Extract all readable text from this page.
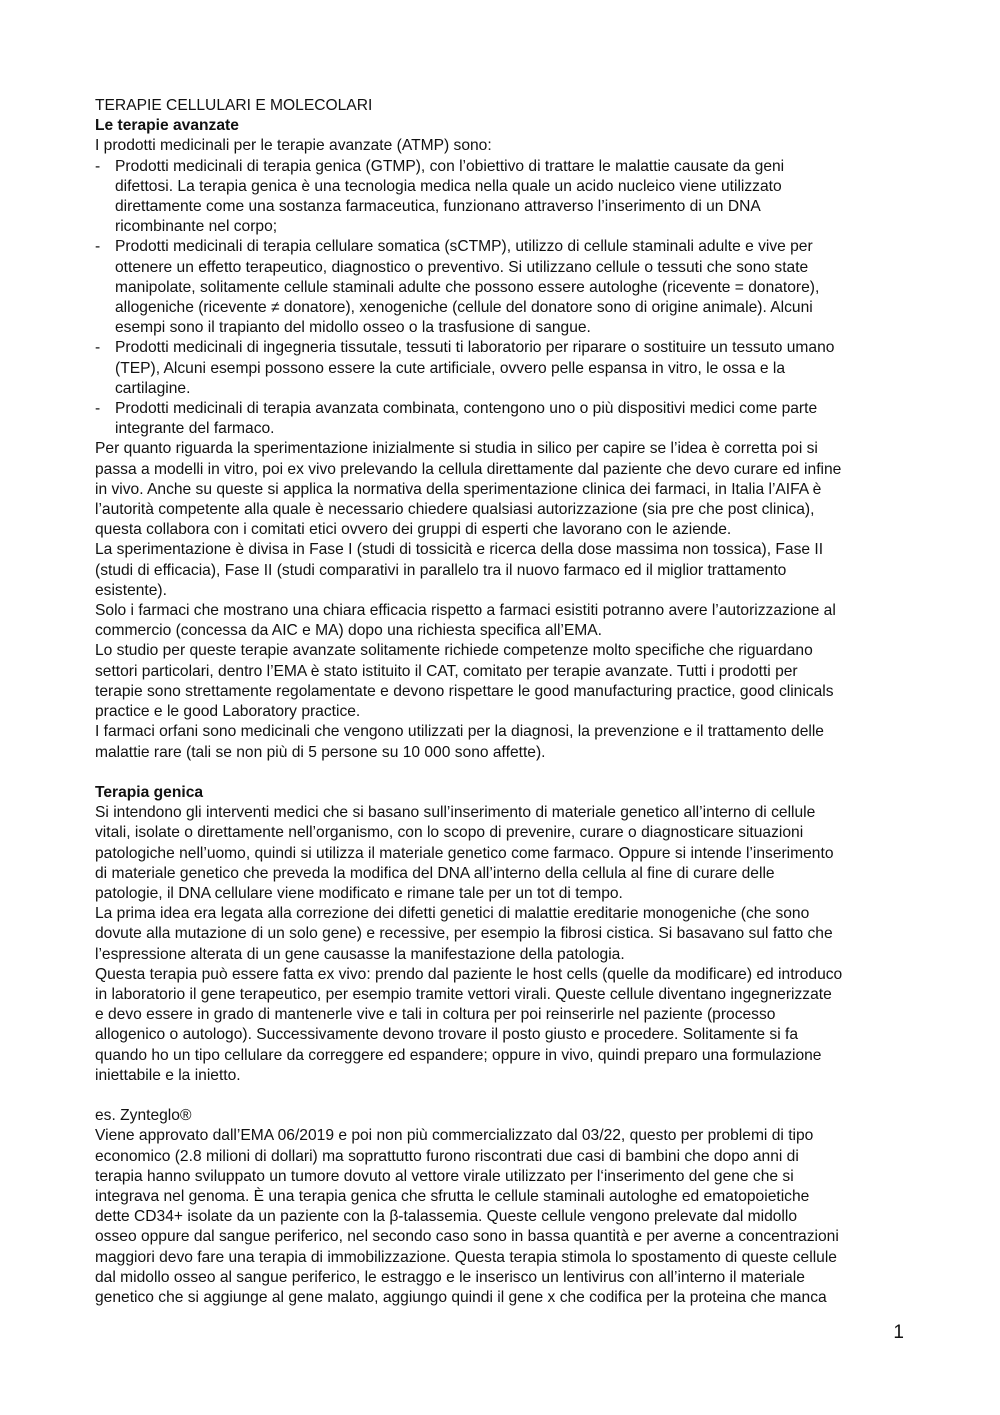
TERAPIE CELLULARI E MOLECOLARI
Le terapie avanzate
I prodotti medicinali per le terapie avanzate (ATMP) sono:
- Prodotti medicinali di terapia genica (GTMP), con l’obiettivo di trattare le malattie causate da geni
difettosi. La terapia genica è una tecnologia medica nella quale un acido nucleico viene utilizzato
direttamente come una sostanza farmaceutica, funzionano attraverso l’inserimento di un DNA
ricombinante nel corpo;
- Prodotti medicinali di terapia cellulare somatica (sCTMP), utilizzo di cellule staminali adulte e vive per
ottenere un effetto terapeutico, diagnostico o preventivo. Si utilizzano cellule o tessuti che sono state
manipolate, solitamente cellule staminali adulte che possono essere autologhe (ricevente = donatore),
allogeniche (ricevente ≠ donatore), xenogeniche (cellule del donatore sono di origine animale). Alcuni
esempi sono il trapianto del midollo osseo o la trasfusione di sangue.
- Prodotti medicinali di ingegneria tissutale, tessuti ti laboratorio per riparare o sostituire un tessuto umano
(TEP), Alcuni esempi possono essere la cute artificiale, ovvero pelle espansa in vitro, le ossa e la
cartilagine.
- Prodotti medicinali di terapia avanzata combinata, contengono uno o più dispositivi medici come parte
integrante del farmaco.
Per quanto riguarda la sperimentazione inizialmente si studia in silico per capire se l’idea è corretta poi si
passa a modelli in vitro, poi ex vivo prelevando la cellula direttamente dal paziente che devo curare ed infine
in vivo. Anche su queste si applica la normativa della sperimentazione clinica dei farmaci, in Italia l’AIFA è
l’autorità competente alla quale è necessario chiedere qualsiasi autorizzazione (sia pre che post clinica),
questa collabora con i comitati etici ovvero dei gruppi di esperti che lavorano con le aziende.
La sperimentazione è divisa in Fase I (studi di tossicità e ricerca della dose massima non tossica), Fase II
(studi di efficacia), Fase II (studi comparativi in parallelo tra il nuovo farmaco ed il miglior trattamento
esistente).
Solo i farmaci che mostrano una chiara efficacia rispetto a farmaci esistiti potranno avere l’autorizzazione al
commercio (concessa da AIC e MA) dopo una richiesta specifica all’EMA.
Lo studio per queste terapie avanzate solitamente richiede competenze molto specifiche che riguardano
settori particolari, dentro l’EMA è stato istituito il CAT, comitato per terapie avanzate. Tutti i prodotti per
terapie sono strettamente regolamentate e devono rispettare le good manufacturing practice, good clinicals
practice e le good Laboratory practice.
I farmaci orfani sono medicinali che vengono utilizzati per la diagnosi, la prevenzione e il trattamento delle
malattie rare (tali se non più di 5 persone su 10 000 sono affette).
Terapia genica
Si intendono gli interventi medici che si basano sull’inserimento di materiale genetico all’interno di cellule
vitali, isolate o direttamente nell’organismo, con lo scopo di prevenire, curare o diagnosticare situazioni
patologiche nell’uomo, quindi si utilizza il materiale genetico come farmaco. Oppure si intende l’inserimento
di materiale genetico che preveda la modifica del DNA all’interno della cellula al fine di curare delle
patologie, il DNA cellulare viene modificato e rimane tale per un tot di tempo.
La prima idea era legata alla correzione dei difetti genetici di malattie ereditarie monogeniche (che sono
dovute alla mutazione di un solo gene) e recessive, per esempio la fibrosi cistica. Si basavano sul fatto che
l’espressione alterata di un gene causasse la manifestazione della patologia.
Questa terapia può essere fatta ex vivo: prendo dal paziente le host cells (quelle da modificare) ed introduco
in laboratorio il gene terapeutico, per esempio tramite vettori virali. Queste cellule diventano ingegnerizzate
e devo essere in grado di mantenerle vive e tali in coltura per poi reinserirle nel paziente (processo
allogenico o autologo). Successivamente devono trovare il posto giusto e procedere. Solitamente si fa
quando ho un tipo cellulare da correggere ed espandere; oppure in vivo, quindi preparo una formulazione
iniettabile e la inietto.
es. Zynteglo®
Viene approvato dall’EMA 06/2019 e poi non più commercializzato dal 03/22, questo per problemi di tipo
economico (2.8 milioni di dollari) ma soprattutto furono riscontrati due casi di bambini che dopo anni di
terapia hanno sviluppato un tumore dovuto al vettore virale utilizzato per l‘inserimento del gene che si
integrava nel genoma. È una terapia genica che sfrutta le cellule staminali autologhe ed ematopoietiche
dette CD34+ isolate da un paziente con la β-talassemia. Queste cellule vengono prelevate dal midollo
osseo oppure dal sangue periferico, nel secondo caso sono in bassa quantità e per averne a concentrazioni
maggiori devo fare una terapia di immobilizzazione. Questa terapia stimola lo spostamento di queste cellule
dal midollo osseo al sangue periferico, le estraggo e le inserisco un lentivirus con all’interno il materiale
genetico che si aggiunge al gene malato, aggiungo quindi il gene x che codifica per la proteina che manca
1
